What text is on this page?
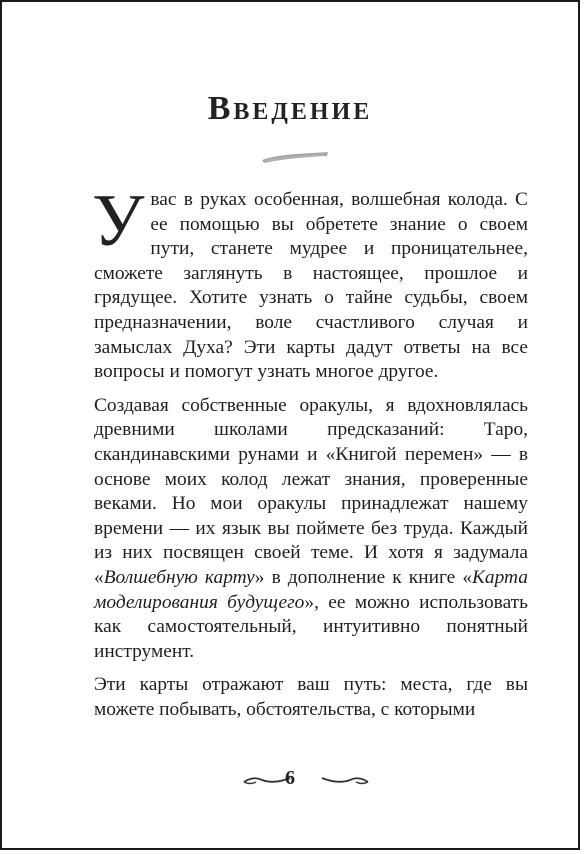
Введение

Увас в руках особенная, волшебная колода. С ее помощью вы обретете знание о своем пути, станете мудрее и проницательнее, сможете заглянуть в настоящее, прошлое и грядущее. Хотите узнать о тайне судьбы, своем предназначении, воле счастливого случая и замыслах Духа? Эти карты дадут ответы на все вопросы и помогут узнать многое другое.

Создавая собственные оракулы, я вдохновлялась древними школами предсказаний: Таро, скандинавскими рунами и «Книгой перемен» — в основе моих колод лежат знания, проверенные веками. Но мои оракулы принадлежат нашему времени — их язык вы поймете без труда. Каждый из них посвящен своей теме. И хотя я задумала «Волшебную карту» в дополнение к книге «Карта моделирования будущего», ее можно использовать как самостоятельный, интуитивно понятный инструмент.

Эти карты отражают ваш путь: места, где вы можете побывать, обстоятельства, с которыми

6
